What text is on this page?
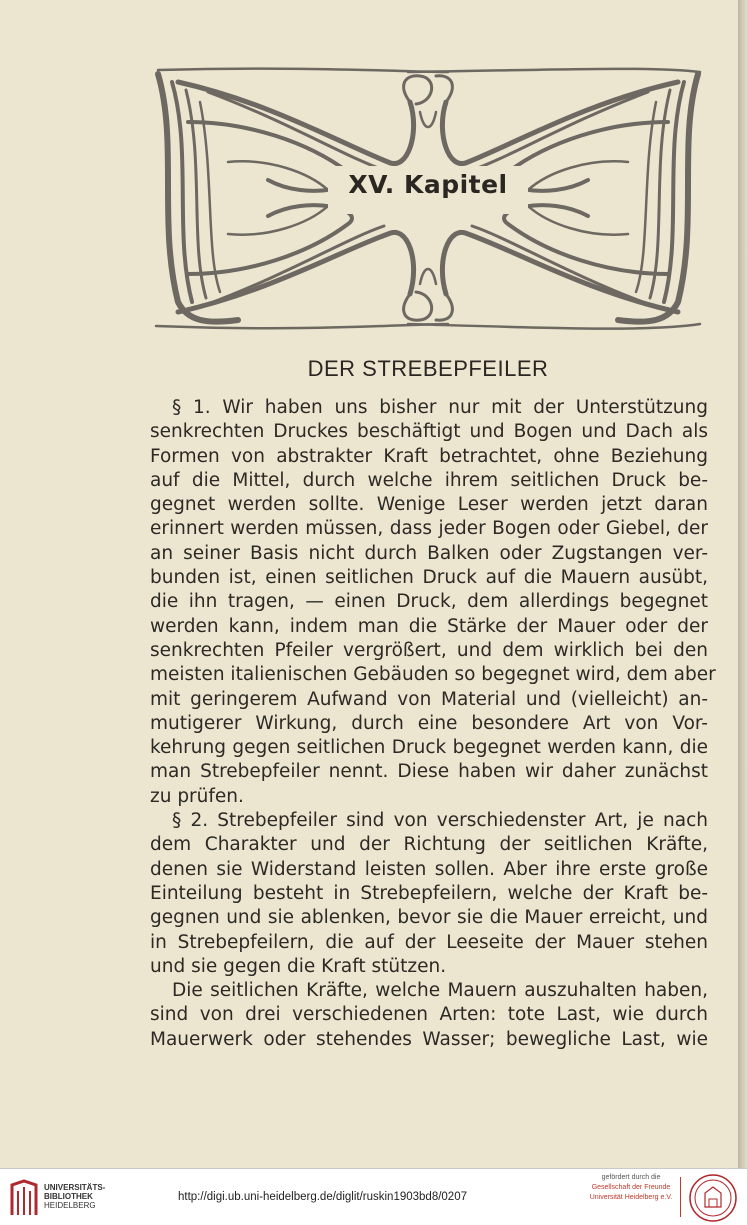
XV. Kapitel
DER STREBEPFEILER
§ 1. Wir haben uns bisher nur mit der Unterstützung
senkrechten Druckes beschäftigt und Bogen und Dach als
Formen von abstrakter Kraft betrachtet, ohne Beziehung
auf die Mittel, durch welche ihrem seitlichen Druck be-
gegnet werden sollte. Wenige Leser werden jetzt daran
erinnert werden müssen, dass jeder Bogen oder Giebel, der
an seiner Basis nicht durch Balken oder Zugstangen ver-
bunden ist, einen seitlichen Druck auf die Mauern ausübt,
die ihn tragen, — einen Druck, dem allerdings begegnet
werden kann, indem man die Stärke der Mauer oder der
senkrechten Pfeiler vergrößert, und dem wirklich bei den
meisten italienischen Gebäuden so begegnet wird, dem aber
mit geringerem Aufwand von Material und (vielleicht) an-
mutigerer Wirkung, durch eine besondere Art von Vor-
kehrung gegen seitlichen Druck begegnet werden kann, die
man Strebepfeiler nennt. Diese haben wir daher zunächst
zu prüfen.
§ 2. Strebepfeiler sind von verschiedenster Art, je nach
dem Charakter und der Richtung der seitlichen Kräfte,
denen sie Widerstand leisten sollen. Aber ihre erste große
Einteilung besteht in Strebepfeilern, welche der Kraft be-
gegnen und sie ablenken, bevor sie die Mauer erreicht, und
in Strebepfeilern, die auf der Leeseite der Mauer stehen
und sie gegen die Kraft stützen.
Die seitlichen Kräfte, welche Mauern auszuhalten haben,
sind von drei verschiedenen Arten: tote Last, wie durch
Mauerwerk oder stehendes Wasser; bewegliche Last, wie
UNIVERSITÄTS-
BIBLIOTHEK
HEIDELBERG
http://digi.ub.uni-heidelberg.de/diglit/ruskin1903bd8/0207
gefördert durch die
Gesellschaft der Freunde
Universität Heidelberg e.V.
